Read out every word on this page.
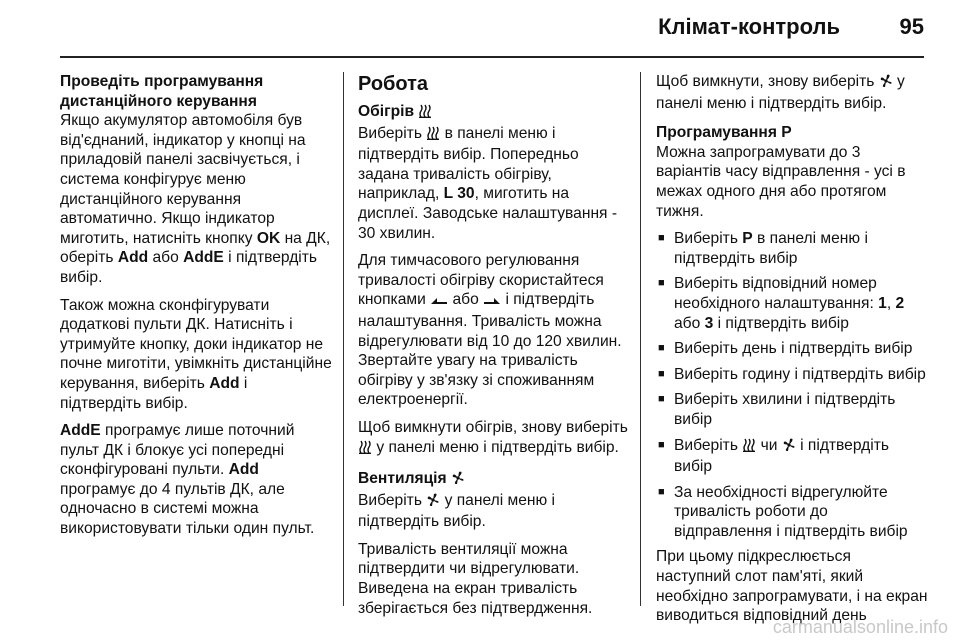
Клімат-контроль	95
Проведіть програмування дистанційного керування

Якщо акумулятор автомобіля був від'єднаний, індикатор у кнопці на приладовій панелі засвічується, і система конфігурує меню дистанційного керування автоматично. Якщо індикатор миготить, натисніть кнопку OK на ДК, оберіть Add або AddE і підтвердіть вибір.

Також можна сконфігурувати додаткові пульти ДК. Натисніть і утримуйте кнопку, доки індикатор не почне миготіти, увімкніть дистанційне керування, виберіть Add і підтвердіть вибір.

AddE програмує лише поточний пульт ДК і блокує усі попередні сконфігуровані пульти. Add програмує до 4 пультів ДК, але одночасно в системі можна використовувати тільки один пульт.

Робота
Обігрів

Виберіть  в панелі меню і підтвердіть вибір. Попередньо задана тривалість обігріву, наприклад, L 30, миготить на дисплеї. Заводське налаштування - 30 хвилин.

Для тимчасового регулювання тривалості обігріву скористайтеся кнопками  або  і підтвердіть налаштування. Тривалість можна відрегулювати від 10 до 120 хвилин. Звертайте увагу на тривалість обігріву у зв'язку зі споживанням електроенергії.

Щоб вимкнути обігрів, знову виберіть  у панелі меню і підтвердіть вибір.

Вентиляція

Виберіть  у панелі меню і підтвердіть вибір.

Тривалість вентиляції можна підтвердити чи відрегулювати. Виведена на екран тривалість зберігається без підтвердження.

Щоб вимкнути, знову виберіть  у панелі меню і підтвердіть вибір.

Програмування P

Можна запрограмувати до 3 варіантів часу відправлення - усі в межах одного дня або протягом тижня.

■ Виберіть P в панелі меню і підтвердіть вибір
■ Виберіть відповідний номер необхідного налаштування: 1, 2 або 3 і підтвердіть вибір
■ Виберіть день і підтвердіть вибір
■ Виберіть годину і підтвердіть вибір
■ Виберіть хвилини і підтвердіть вибір
■ Виберіть  чи  і підтвердіть вибір
■ За необхідності відрегулюйте тривалість роботи до відправлення і підтвердіть вибір

При цьому підкреслюється наступний слот пам'яті, який необхідно запрограмувати, і на екран виводиться відповідний день

carmanualsonline.info
